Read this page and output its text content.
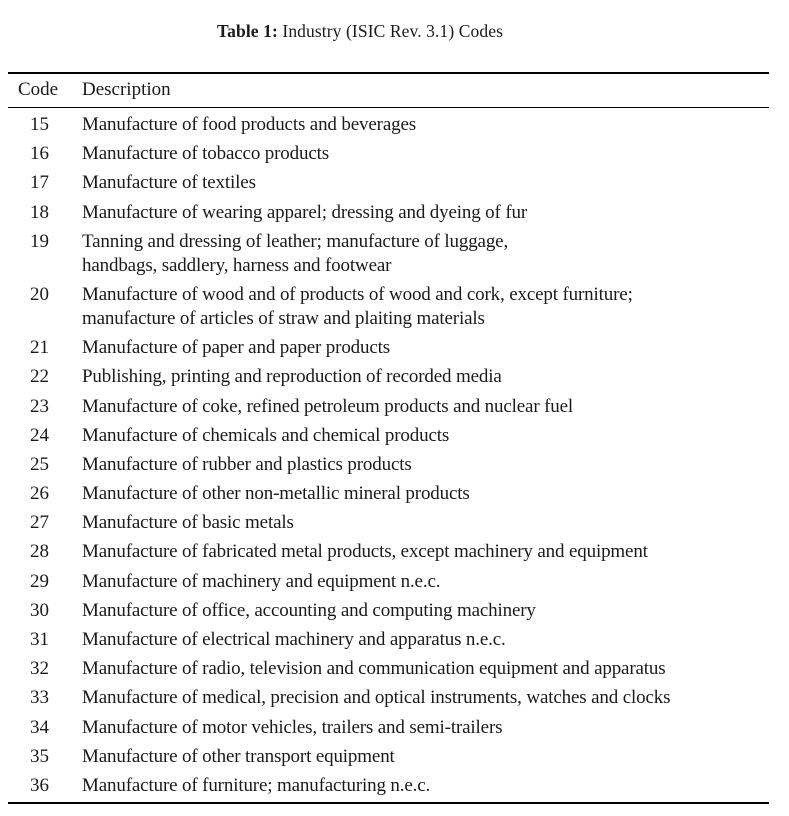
Table 1: Industry (ISIC Rev. 3.1) Codes
Code Description
15	Manufacture of food products and beverages
16	Manufacture of tobacco products
17	Manufacture of textiles
18	Manufacture of wearing apparel; dressing and dyeing of fur
19	Tanning and dressing of leather; manufacture of luggage,
handbags, saddlery, harness and footwear
20	Manufacture of wood and of products of wood and cork, except furniture;
manufacture of articles of straw and plaiting materials
21	Manufacture of paper and paper products
22	Publishing, printing and reproduction of recorded media
23	Manufacture of coke, refined petroleum products and nuclear fuel
24	Manufacture of chemicals and chemical products
25	Manufacture of rubber and plastics products
26	Manufacture of other non-metallic mineral products
27	Manufacture of basic metals
28	Manufacture of fabricated metal products, except machinery and equipment
29	Manufacture of machinery and equipment n.e.c.
30	Manufacture of office, accounting and computing machinery
31	Manufacture of electrical machinery and apparatus n.e.c.
32	Manufacture of radio, television and communication equipment and apparatus
33	Manufacture of medical, precision and optical instruments, watches and clocks
34	Manufacture of motor vehicles, trailers and semi-trailers
35	Manufacture of other transport equipment
36	Manufacture of furniture; manufacturing n.e.c.
